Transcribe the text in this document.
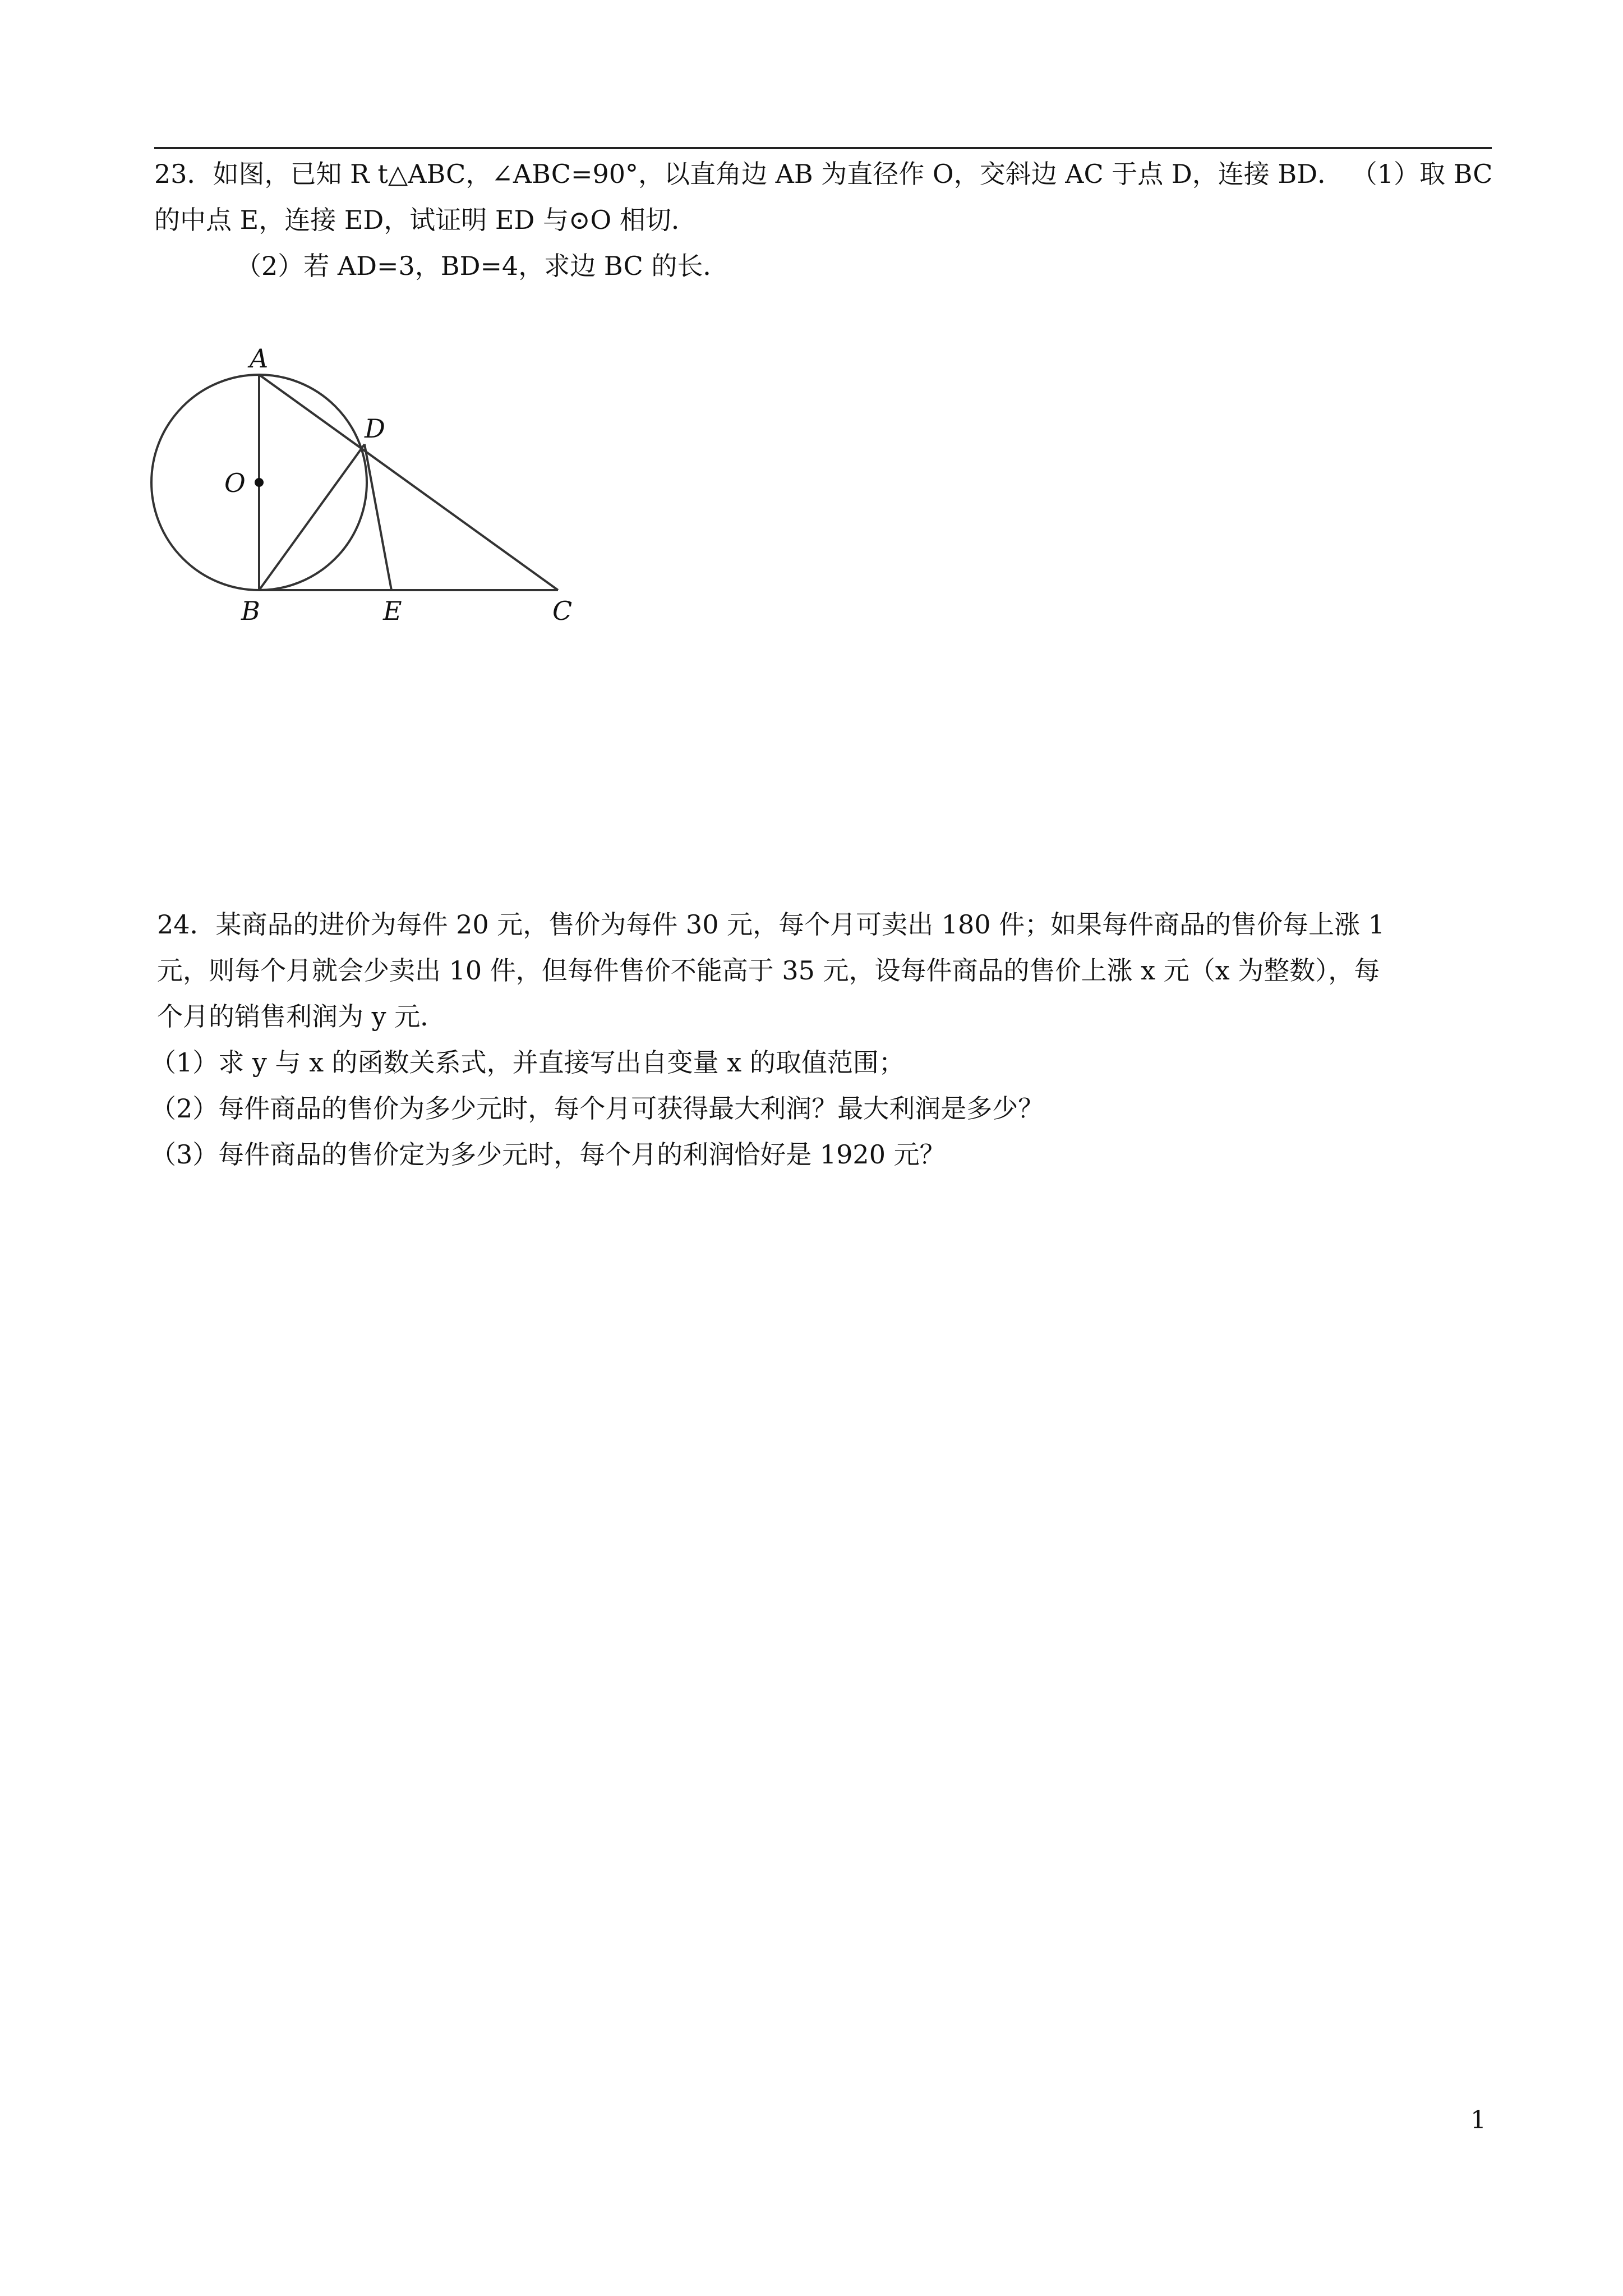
23．如图，已知 R t△ABC，∠ABC=90°，以直角边 AB 为直径作 O，交斜边 AC 于点 D，连接 BD． （1）取 BC
的中点 E，连接 ED，试证明 ED 与⊙O 相切．
（2）若 AD=3，BD=4，求边 BC 的长．
A
D
O
B	E	C
24．某商品的进价为每件 20 元，售价为每件 30 元，每个月可卖出 180 件；如果每件商品的售价每上涨 1
元，则每个月就会少卖出 10 件，但每件售价不能高于 35 元，设每件商品的售价上涨 x 元（x 为整数），每
个月的销售利润为 y 元．
（1）求 y 与 x 的函数关系式，并直接写出自变量 x 的取值范围；
（2）每件商品的售价为多少元时，每个月可获得最大利润？最大利润是多少？
（3）每件商品的售价定为多少元时，每个月的利润恰好是 1920 元？
1
